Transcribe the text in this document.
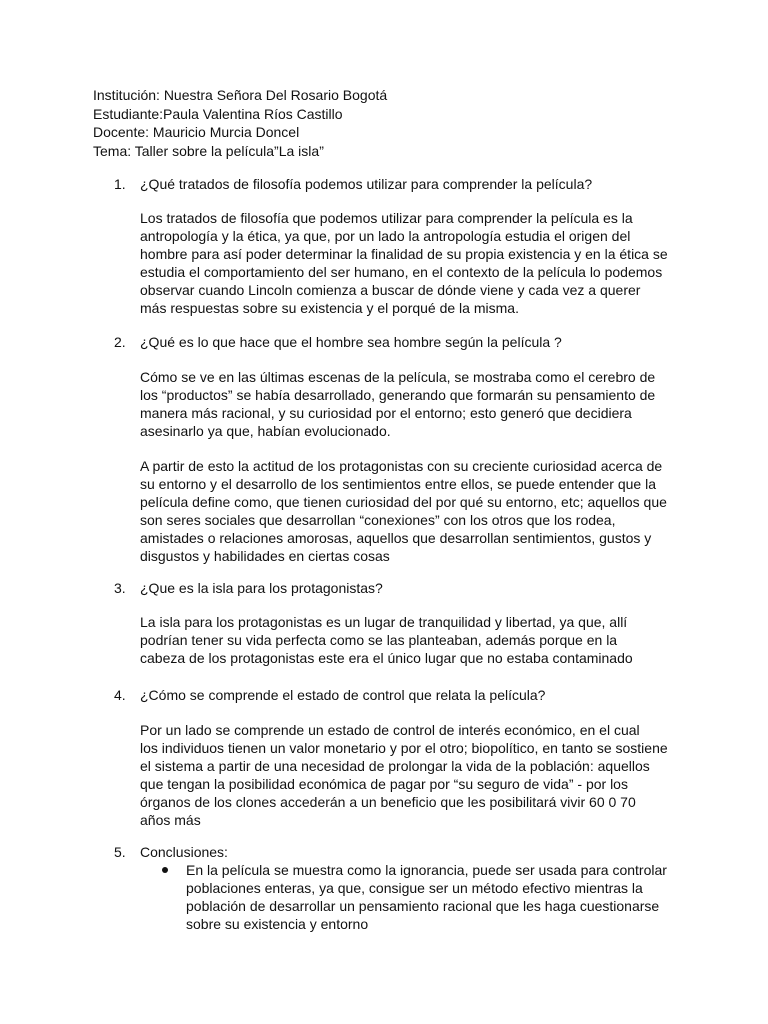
Institución: Nuestra Señora Del Rosario Bogotá
Estudiante:Paula Valentina Ríos Castillo
Docente: Mauricio Murcia Doncel
Tema: Taller sobre la película”La isla”
1. ¿Qué tratados de filosofía podemos utilizar para comprender la película?
Los tratados de filosofía que podemos utilizar para comprender la película es la
antropología y la ética, ya que, por un lado la antropología estudia el origen del
hombre para así poder determinar la finalidad de su propia existencia y en la ética se
estudia el comportamiento del ser humano, en el contexto de la película lo podemos
observar cuando Lincoln comienza a buscar de dónde viene y cada vez a querer
más respuestas sobre su existencia y el porqué de la misma.
2. ¿Qué es lo que hace que el hombre sea hombre según la película ?
Cómo se ve en las últimas escenas de la película, se mostraba como el cerebro de
los “productos” se había desarrollado, generando que formarán su pensamiento de
manera más racional, y su curiosidad por el entorno; esto generó que decidiera
asesinarlo ya que, habían evolucionado.
A partir de esto la actitud de los protagonistas con su creciente curiosidad acerca de
su entorno y el desarrollo de los sentimientos entre ellos, se puede entender que la
película define como, que tienen curiosidad del por qué su entorno, etc; aquellos que
son seres sociales que desarrollan “conexiones” con los otros que los rodea,
amistades o relaciones amorosas, aquellos que desarrollan sentimientos, gustos y
disgustos y habilidades en ciertas cosas
3. ¿Que es la isla para los protagonistas?
La isla para los protagonistas es un lugar de tranquilidad y libertad, ya que, allí
podrían tener su vida perfecta como se las planteaban, además porque en la
cabeza de los protagonistas este era el único lugar que no estaba contaminado
4. ¿Cómo se comprende el estado de control que relata la película?
Por un lado se comprende un estado de control de interés económico, en el cual
los individuos tienen un valor monetario y por el otro; biopolítico, en tanto se sostiene
el sistema a partir de una necesidad de prolongar la vida de la población: aquellos
que tengan la posibilidad económica de pagar por “su seguro de vida” - por los
órganos de los clones accederán a un beneficio que les posibilitará vivir 60 0 70
años más
5. Conclusiones:
En la película se muestra como la ignorancia, puede ser usada para controlar
poblaciones enteras, ya que, consigue ser un método efectivo mientras la
población de desarrollar un pensamiento racional que les haga cuestionarse
sobre su existencia y entorno
